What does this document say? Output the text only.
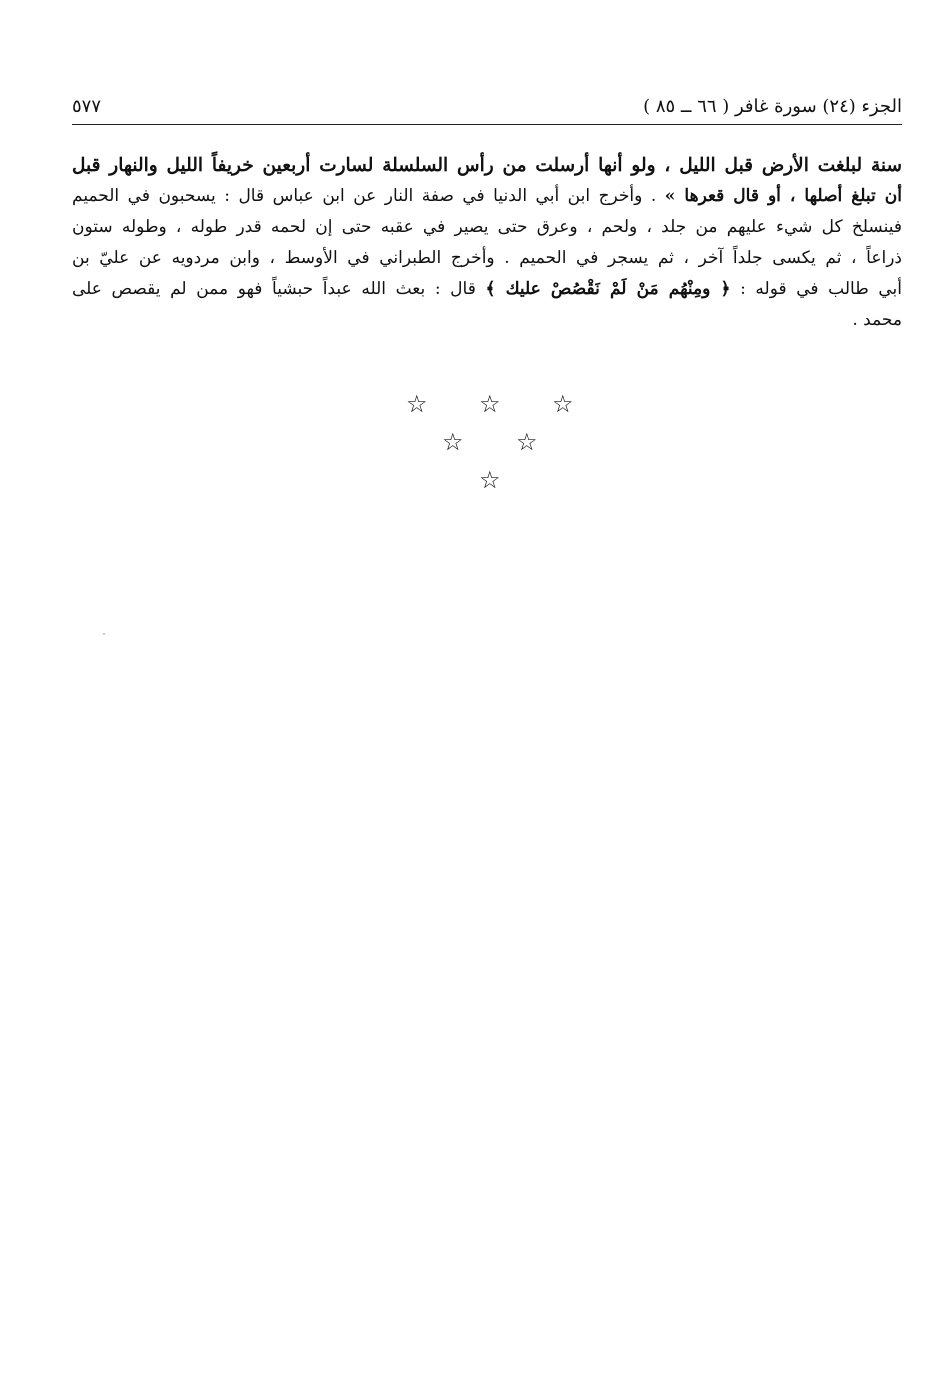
الجزء (٢٤) سورة غافر ( ٦٦ ــ ٨٥ )
٥٧٧
سنة لبلغت الأرض قبل الليل ، ولو أنها أرسلت من رأس السلسلة لسارت أربعين خريفاً الليل والنهار قبل
أن تبلغ أصلها ، أو قال قعرها » . وأخرج ابن أبي الدنيا في صفة النار عن ابن عباس قال : يسحبون في الحميم
فينسلخ كل شيء عليهم من جلد ، ولحم ، وعرق حتى يصير في عقبه حتى إن لحمه قدر طوله ، وطوله ستون
ذراعاً ، ثم يكسى جلداً آخر ، ثم يسجر في الحميم . وأخرج الطبراني في الأوسط ، وابن مردويه عن عليّ بن
أبي طالب في قوله : ﴿ ومِنْهُم مَنْ لَمْ نَقْصُصْ عليك ﴾ قال : بعث الله عبداً حبشياً فهو ممن لم يقصص على
محمد .
☆ ☆ ☆
☆ ☆
☆
